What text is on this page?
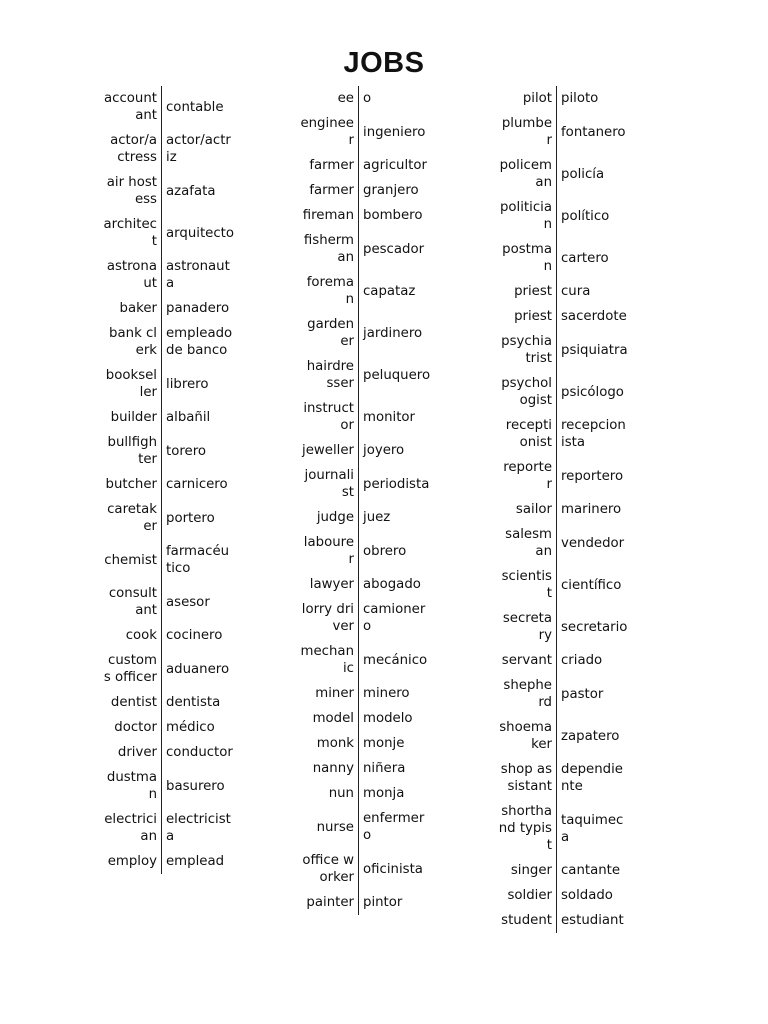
JOBS
accountant
contable
actor/actress
actor/actriz
air hostess
azafata
architect
arquitecto
astronaut
astronauta
baker panadero
bank clerk
empleado de banco
bookseller
librero
builder albañil
bullfighter
torero
butcher carnicero
caretaker
portero
chemist
farmacéutico
consultant
asesor
cook cocinero
customs officer
aduanero
dentist dentista
doctor médico
driver conductor
dustman
basurero
electrician
electricista
employ emplead
ee o
engineer
ingeniero
farmer agricultor
farmer granjero
fireman bombero
fisherman
pescador
foreman
capataz
gardener
jardinero
hairdresser
peluquero
instructor
monitor
jeweller joyero
journalist
periodista
judge juez
labourer
obrero
lawyer abogado
lorry driver
camionero
mechanic
mecánico
miner minero
model modelo
monk monje
nanny niñera
nun monja
nurse
enfermero
office worker
oficinista
painter pintor
pilot piloto
plumber
fontanero
policeman
policía
politician
político
postman
cartero
priest cura
priest sacerdote
psychiatrist
psiquiatra
psychologist
psicólogo
receptionist
recepcionista
reporter
reportero
sailor marinero
salesman
vendedor
scientist
científico
secretary
secretario
servant criado
shepherd
pastor
shoemaker
zapatero
shop assistant
dependiente
shorthand typist
taquimeca
singer cantante
soldier soldado
student estudiant
